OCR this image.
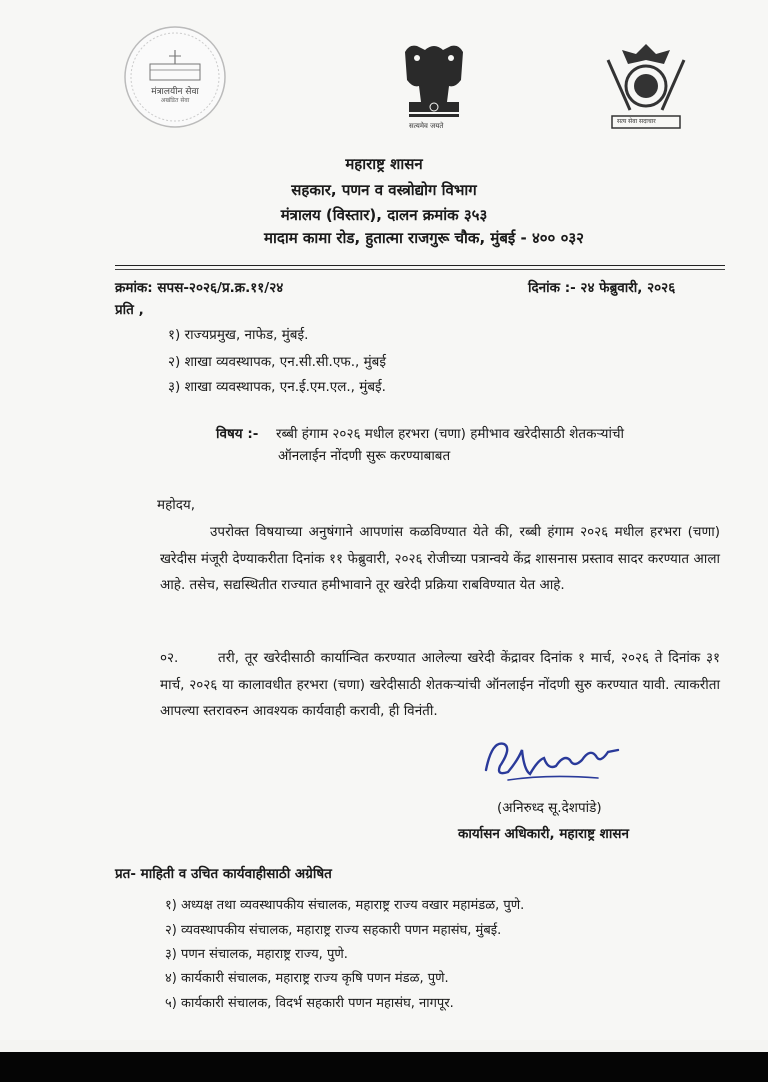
मंत्रालयीन सेवा
अखंडित सेवा
सत्यमेव जयते
सत्य सेवा सदाचार
महाराष्ट्र शासन
सहकार, पणन व वस्त्रोद्योग विभाग
मंत्रालय (विस्तार), दालन क्रमांक ३५३
मादाम कामा रोड, हुतात्मा राजगुरू चौक, मुंबई - ४०० ०३२
क्रमांक: सपस-२०२६/प्र.क्र.११/२४	दिनांक :- २४ फेब्रुवारी, २०२६
प्रति ,
१) राज्यप्रमुख, नाफेड, मुंबई.
२) शाखा व्यवस्थापक, एन.सी.सी.एफ., मुंबई
३) शाखा व्यवस्थापक, एन.ई.एम.एल., मुंबई.
विषय :- रब्बी हंगाम २०२६ मधील हरभरा (चणा) हमीभाव खरेदीसाठी शेतकऱ्यांची
ऑनलाईन नोंदणी सुरू करण्याबाबत
महोदय,
उपरोक्त विषयाच्या अनुषंगाने आपणांस कळविण्यात येते की, रब्बी हंगाम २०२६ मधील हरभरा (चणा) खरेदीस मंजूरी देण्याकरीता दिनांक ११ फेब्रुवारी, २०२६ रोजीच्या पत्रान्वये केंद्र शासनास प्रस्ताव सादर करण्यात आला आहे. तसेच, सद्यस्थितीत राज्यात हमीभावाने तूर खरेदी प्रक्रिया राबविण्यात येत आहे.
०२.	तरी, तूर खरेदीसाठी कार्यान्वित करण्यात आलेल्या खरेदी केंद्रावर दिनांक १ मार्च, २०२६ ते दिनांक ३१ मार्च, २०२६ या कालावधीत हरभरा (चणा) खरेदीसाठी शेतकऱ्यांची ऑनलाईन नोंदणी सुरु करण्यात यावी. त्याकरीता आपल्या स्तरावरुन आवश्यक कार्यवाही करावी, ही विनंती.
(अनिरुध्द सू.देशपांडे)
कार्यासन अधिकारी, महाराष्ट्र शासन
प्रत- माहिती व उचित कार्यवाहीसाठी अग्रेषित
१) अध्यक्ष तथा व्यवस्थापकीय संचालक, महाराष्ट्र राज्य वखार महामंडळ, पुणे.
२) व्यवस्थापकीय संचालक, महाराष्ट्र राज्य सहकारी पणन महासंघ, मुंबई.
३) पणन संचालक, महाराष्ट्र राज्य, पुणे.
४) कार्यकारी संचालक, महाराष्ट्र राज्य कृषि पणन मंडळ, पुणे.
५) कार्यकारी संचालक, विदर्भ सहकारी पणन महासंघ, नागपूर.
